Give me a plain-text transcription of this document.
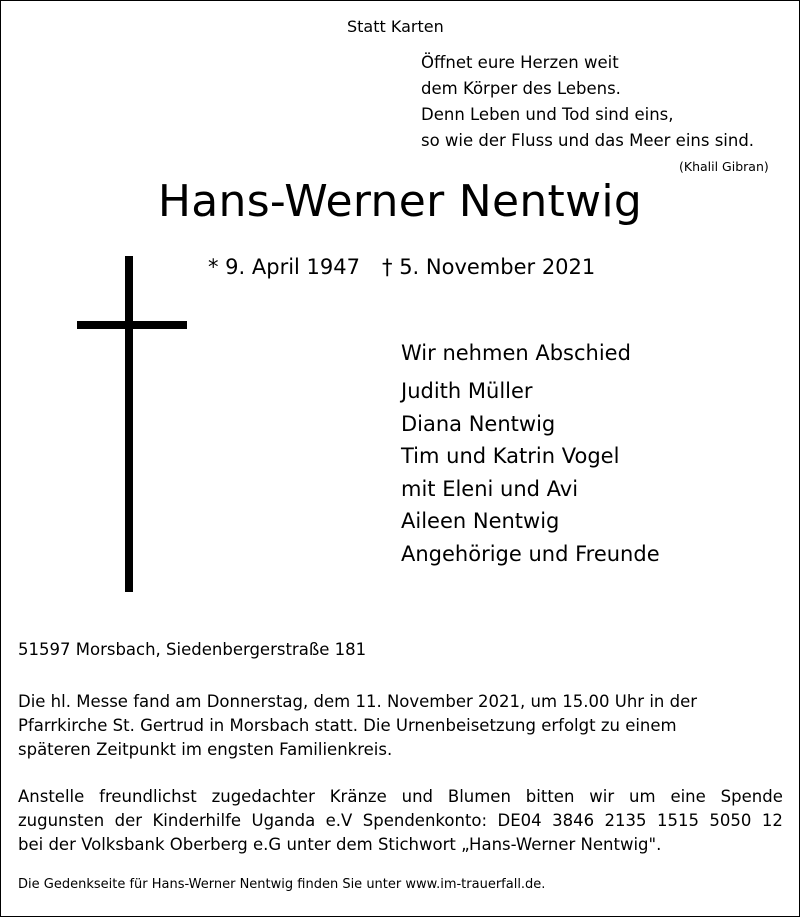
Statt Karten
Öffnet eure Herzen weit
dem Körper des Lebens.
Denn Leben und Tod sind eins,
so wie der Fluss und das Meer eins sind.
(Khalil Gibran)
Hans-Werner Nentwig
* 9. April 1947 † 5. November 2021
Wir nehmen Abschied
Judith Müller
Diana Nentwig
Tim und Katrin Vogel
mit Eleni und Avi
Aileen Nentwig
Angehörige und Freunde
51597 Morsbach, Siedenbergerstraße 181
Die hl. Messe fand am Donnerstag, dem 11. November 2021, um 15.00 Uhr in der
Pfarrkirche St. Gertrud in Morsbach statt. Die Urnenbeisetzung erfolgt zu einem
späteren Zeitpunkt im engsten Familienkreis.
Anstelle freundlichst zugedachter Kränze und Blumen bitten wir um eine Spende
zugunsten der Kinderhilfe Uganda e.V Spendenkonto: DE04 3846 2135 1515 5050 12
bei der Volksbank Oberberg e.G unter dem Stichwort „Hans-Werner Nentwig".
Die Gedenkseite für Hans-Werner Nentwig finden Sie unter www.im-trauerfall.de.
